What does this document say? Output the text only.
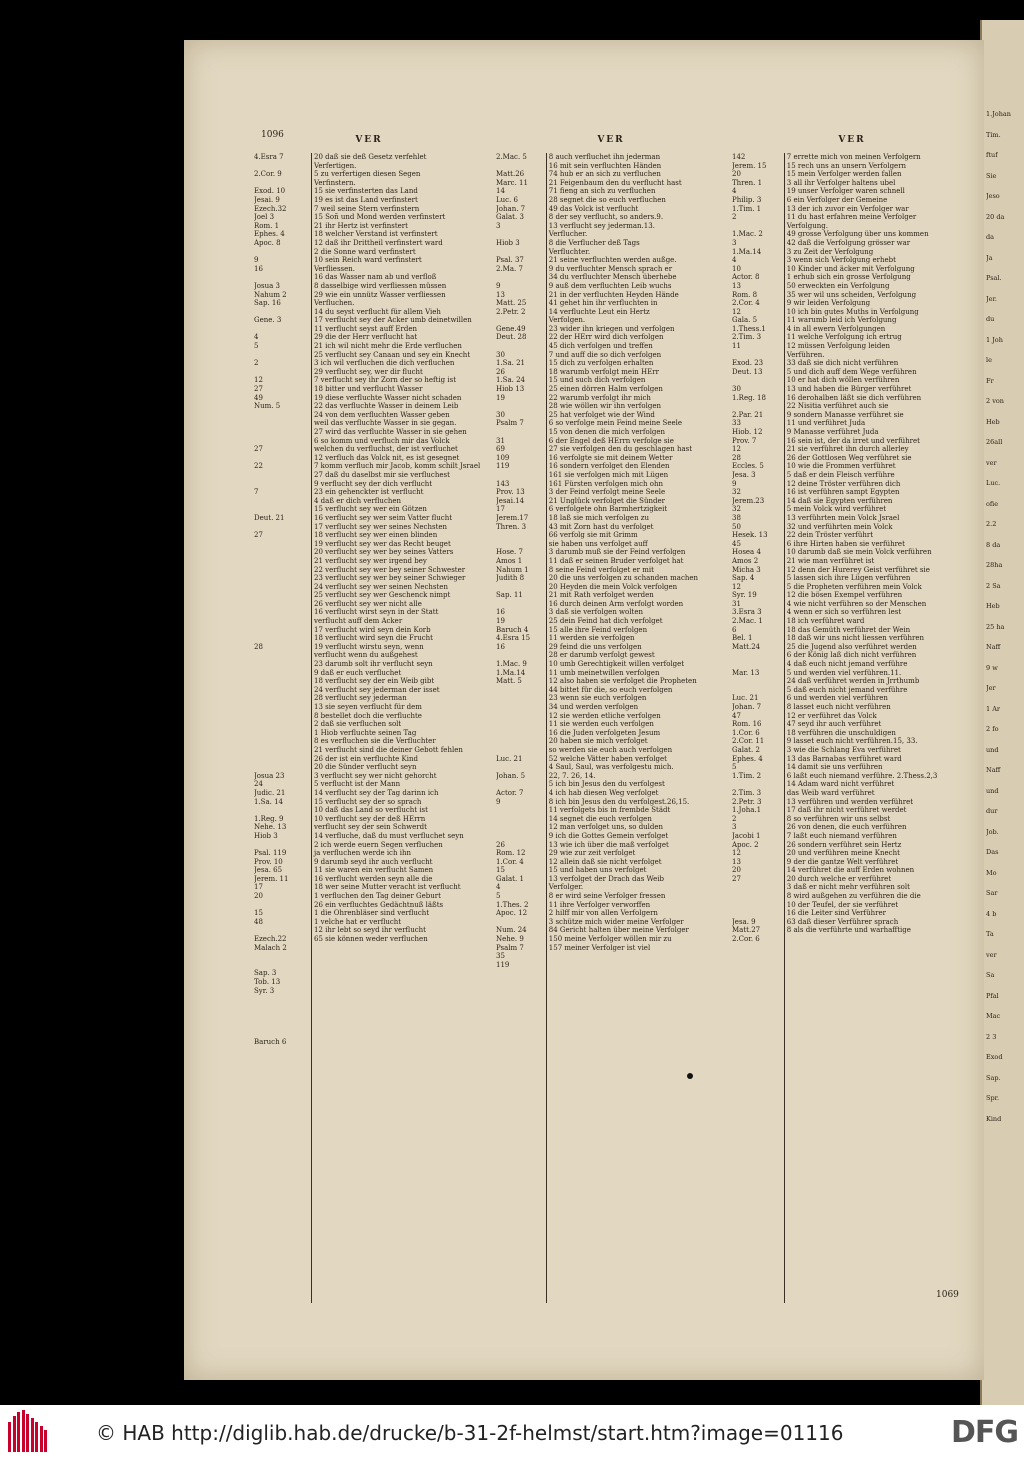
1.Johan
Tim.
ftuf
Sie
Jeso
20 da
da
Ja
Psal.
Jer.
du
1 Joh
le
Fr
2 von
Heb
26all
ver
Luc.
ofie
2.2
8 da
28ha
2 Sa
Heb
25 ha
Naff
9 w
Jer
1 Ar
2 fo
und
Naff
und
dur
Job.
Das
Mo
Sar
4 b
Ta
ver
Sa
Pfal
Mac
2 3
Exod
Sap.
Spr.
Kind
1096
1069
VER
4.Esra 7

2.Cor. 9

Exod. 10
Jesai. 9
Ezech.32
Joel 3
Rom. 1
Ephes. 4
Apoc. 8

9
16

Josua 3
Nahum 2
Sap. 16

Gene. 3

4
5

2

12
27
49
Num. 5

27

22

7

Deut. 21

27

28

Josua 23
24
Judic. 21
1.Sa. 14

1.Reg. 9
Nehe. 13
Hiob 3

Psal. 119
Prov. 10
Jesa. 65
Jerem. 11
17
20

15
48

Ezech.22
Malach 2

Sap. 3
Tob. 13
Syr. 3

Baruch 6
20 daß sie deß Gesetz verfehlet
Verfertigen.
5 zu verfertigen diesen Segen
Verfinstern.
15 sie verfinsterten das Land
19 es ist das Land verfinstert
7 weil seine Stern verfinstern
15 Soñ und Mond werden verfinstert
21 ihr Hertz ist verfinstert
18 welcher Verstand ist verfinstert
12 daß ihr Drittheil verfinstert ward
2 die Sonne ward verfinstert
10 sein Reich ward verfinstert
Verfliessen.
16 das Wasser nam ab und verfloß
8 dasselbige wird verfliessen müssen
29 wie ein unnütz Wasser verfliessen
Verfluchen.
14 du seyst verflucht für allem Vieh
17 verflucht sey der Acker umb deinetwillen
11 verflucht seyst auff Erden
29 die der Herr verflucht hat
21 ich wil nicht mehr die Erde verfluchen
25 verflucht sey Canaan und sey ein Knecht
3 ich wil verfluchen die dich verfluchen
29 verflucht sey, wer dir flucht
7 verflucht sey ihr Zorn der so heftig ist
18 bitter und verflucht Wasser
19 diese verfluchte Wasser nicht schaden
22 das verfluchte Wasser in deinem Leib
24 von dem verfluchten Wasser geben
weil das verfluchte Wasser in sie gegan.
27 wird das verfluchte Wasser in sie gehen
6 so komm und verfluch mir das Volck
welchen du verfluchst, der ist verfluchet
12 verfluch das Volck nit, es ist gesegnet
7 komm verfluch mir Jacob, komm schilt Jsrael
27 daß du daselbst mir sie verfluchest
9 verflucht sey der dich verflucht
23 ein gehenckter ist verflucht
4 daß er dich verfluchen
15 verflucht sey wer ein Götzen
16 verflucht sey wer seim Vatter flucht
17 verflucht sey wer seines Nechsten
18 verflucht sey wer einen blinden
19 verflucht sey wer das Recht beuget
20 verflucht sey wer bey seines Vatters
21 verflucht sey wer irgend bey
22 verflucht sey wer bey seiner Schwester
23 verflucht sey wer bey seiner Schwieger
24 verflucht sey wer seinen Nechsten
25 verflucht sey wer Geschenck nimpt
26 verflucht sey wer nicht alle
16 verflucht wirst seyn in der Statt
verflucht auff dem Acker
17 verflucht wird seyn dein Korb
18 verflucht wird seyn die Frucht
19 verflucht wirstu seyn, wenn
verflucht wenn du außgehest
23 darumb solt ihr verflucht seyn
9 daß er euch verfluchet
18 verflucht sey der ein Weib gibt
24 verflucht sey jederman der isset
28 verflucht sey jederman
13 sie seyen verflucht für dem
8 bestellet doch die verfluchte
2 daß sie verfluchen solt
1 Hiob verfluchte seinen Tag
8 es verfluchen sie die Verfluchter
21 verflucht sind die deiner Gebott fehlen
26 der ist ein verfluchte Kind
20 die Sünder verflucht seyn
3 verflucht sey wer nicht gehorcht
5 verflucht ist der Mann
14 verflucht sey der Tag darinn ich
15 verflucht sey der so sprach
10 daß das Land so verflucht ist
10 verflucht sey der deß HErrn
verflucht sey der sein Schwerdt
14 verfluche, daß du must verfluchet seyn
2 ich werde euern Segen verfluchen
ja verfluchen werde ich ihn
9 darumb seyd ihr auch verflucht
11 sie waren ein verflucht Samen
16 verflucht werden seyn alle die
18 wer seine Mutter veracht ist verflucht
1 verfluchen den Tag deiner Geburt
26 ein verfluchtes Gedächtnuß läßts
1 die Ohrenbläser sind verflucht
1 velche hat er verflucht
12 ihr lebt so seyd ihr verflucht
65 sie können weder verfluchen
VER
2.Mac. 5

Matt.26
Marc. 11
14
Luc. 6
Johan. 7
Galat. 3
3

Hiob 3

Psal. 37
2.Ma. 7

9
13
Matt. 25
2.Petr. 2

Gene.49
Deut. 28

30
1.Sa. 21
26
1.Sa. 24
Hiob 13
19

30
Psalm 7

31
69
109
119

143
Prov. 13
Jesai.14
17
Jerem.17
Thren. 3

Hose. 7
Amos 1
Nahum 1
Judith 8

Sap. 11

16
19
Baruch 4
4.Esra 15
16

1.Mac. 9
1.Ma.14
Matt. 5

Luc. 21

Johan. 5

Actor. 7
9

26
Rom. 12
1.Cor. 4
15
Galat. 1
4
5
1.Thes. 2
Apoc. 12

Num. 24
Nehe. 9
Psalm 7
35
119

8 auch verfluchet ihn jederman
16 mit sein verfluchten Händen
74 hub er an sich zu verfluchen
21 Feigenbaum den du verflucht hast
71 fieng an sich zu verfluchen
28 segnet die so euch verfluchen
49 das Volck ist verflucht
8 der sey verflucht, so anders.9.
13 verflucht sey jederman.13.
Verflucher.
8 die Verflucher deß Tags
Verfluchter.
21 seine verfluchten werden außge.
9 du verfluchter Mensch sprach er
34 du verfluchter Mensch überhebe
9 auß dem verfluchten Leib wuchs
21 in der verfluchten Heyden Hände
41 gehet hin ihr verfluchten in
14 verfluchte Leut ein Hertz
Verfolgen.
23 wider ihn kriegen und verfolgen
22 der HErr wird dich verfolgen
45 dich verfolgen und treffen
7 und auff die so dich verfolgen
15 dich zu verfolgen erhalten
18 warumb verfolgt mein HErr
15 und such dich verfolgen
25 einen dörren Halm verfolgen
22 warumb verfolgt ihr mich
28 wie wöllen wir ihn verfolgen
25 hat verfolget wie der Wind
6 so verfolge mein Feind meine Seele
15 von denen die mich verfolgen
6 der Engel deß HErrn verfolge sie
27 sie verfolgen den du geschlagen hast
16 verfolgte sie mit deinem Wetter
16 sondern verfolget den Elenden
161 sie verfolgen mich mit Lügen
161 Fürsten verfolgen mich ohn
3 der Feind verfolgt meine Seele
21 Unglück verfolget die Sünder
6 verfolgete ohn Barmhertzigkeit
18 laß sie mich verfolgen zu
43 mit Zorn hast du verfolget
66 verfolg sie mit Grimm
sie haben uns verfolget auff
3 darumb muß sie der Feind verfolgen
11 daß er seinen Bruder verfolget hat
8 seine Feind verfolget er mit
20 die uns verfolgen zu schanden machen
20 Heyden die mein Volck verfolgen
21 mit Rath verfolget werden
16 durch deinen Arm verfolgt worden
3 daß sie verfolgen wolten
25 dein Feind hat dich verfolget
15 alle ihre Feind verfolgen
11 werden sie verfolgen
29 feind die uns verfolgen
28 er darumb verfolgt gewest
10 umb Gerechtigkeit willen verfolget
11 umb meinetwillen verfolgen
12 also haben sie verfolget die Propheten
44 bittet für die, so euch verfolgen
23 wenn sie euch verfolgen
34 und werden verfolgen
12 sie werden etliche verfolgen
11 sie werden euch verfolgen
16 die Juden verfolgeten Jesum
20 haben sie mich verfolget
so werden sie euch auch verfolgen
52 welche Vätter haben verfolget
4 Saul, Saul, was verfolgestu mich.
22, 7. 26, 14.
5 ich bin Jesus den du verfolgest
4 ich hab diesen Weg verfolget
8 ich bin Jesus den du verfolgest.26,15.
11 verfolgets bis in frembde Städt
14 segnet die euch verfolgen
12 man verfolget uns, so dulden
9 ich die Gottes Gemein verfolget
13 wie ich über die maß verfolget
29 wie zur zeit verfolget
12 allein daß sie nicht verfolget
15 und haben uns verfolget
13 verfolget der Drach das Weib
Verfolger.
8 er wird seine Verfolger fressen
11 ihre Verfolger verworffen
2 hilff mir von allen Verfolgern
3 schütze mich wider meine Verfolger
84 Gericht halten über meine Verfolger
150 meine Verfolger wöllen mir zu
157 meiner Verfolger ist viel
VER
142
Jerem. 15
20
Thren. 1
4
Philip. 3
1.Tim. 1
2

1.Mac. 2
3
1.Ma.14
4
10
Actor. 8
13
Rom. 8
2.Cor. 4
12
Gala. 5
1.Thess.1
2.Tim. 3
11

Exod. 23
Deut. 13

30
1.Reg. 18

2.Par. 21
33
Hiob. 12
Prov. 7
12
28
Eccles. 5
Jesa. 3
9
32
Jerem.23
32
38
50
Hesek. 13
45
Hosea 4
Amos 2
Micha 3
Sap. 4
12
Syr. 19
31
3.Esra 3
2.Mac. 1
6
Bel. 1
Matt.24

Mar. 13

Luc. 21
Johan. 7
47
Rom. 16
1.Cor. 6
2.Cor. 11
Galat. 2
Ephes. 4
5
1.Tim. 2

2.Tim. 3
2.Petr. 3
1.Joha.1
2
3
Jacobi 1
Apoc. 2
12
13
20
27

Jesa. 9
Matt.27
2.Cor. 6
7 errette mich von meinen Verfolgern
15 rech uns an unsern Verfolgern
15 mein Verfolger werden fallen
3 all ihr Verfolger haltens ubel
19 unser Verfolger waren schnell
6 ein Verfolger der Gemeine
13 der ich zuvor ein Verfolger war
11 du hast erfahren meine Verfolger
Verfolgung.
49 grosse Verfolgung über uns kommen
42 daß die Verfolgung grösser war
3 zu Zeit der Verfolgung
3 wenn sich Verfolgung erhebt
10 Kinder und äcker mit Verfolgung
1 erhub sich ein grosse Verfolgung
50 erweckten ein Verfolgung
35 wer wil uns scheiden, Verfolgung
9 wir leiden Verfolgung
10 ich bin gutes Muths in Verfolgung
11 warumb leid ich Verfolgung
4 in all ewern Verfolgungen
11 welche Verfolgung ich ertrug
12 müssen Verfolgung leiden
Verführen.
33 daß sie dich nicht verführen
5 und dich auff dem Wege verführen
10 er hat dich wöllen verführen
13 und haben die Bürger verführet
16 derohalben läßt sie dich verführen
22 Nisitia verführet auch sie
9 sondern Manasse verführet sie
11 und verführet Juda
9 Manasse verführet Juda
16 sein ist, der da irret und verführet
21 sie verführet ihn durch allerley
26 der Gottlosen Weg verführet sie
10 wie die Frommen verführet
5 daß er dein Fleisch verführe
12 deine Tröster verführen dich
16 ist verführen sampt Egypten
14 daß sie Egypten verführen
5 mein Volck wird verführet
13 verführten mein Volck Jsrael
32 und verführten mein Volck
22 dein Tröster verführt
6 ihre Hirten haben sie verführet
10 darumb daß sie mein Volck verführen
21 wie man verführet ist
12 denn der Hurerey Geist verführet sie
5 lassen sich ihre Lügen verführen
5 die Propheten verführen mein Volck
12 die bösen Exempel verführen
4 wie nicht verführen so der Menschen
4 wenn er sich so verführen lest
18 ich verführet ward
18 das Gemüth verführet der Wein
18 daß wir uns nicht liessen verführen
25 die Jugend also verführet werden
6 der König laß dich nicht verführen
4 daß euch nicht jemand verführe
5 und werden viel verführen.11.
24 daß verführet werden in Jrrthumb
5 daß euch nicht jemand verführe
6 und werden viel verführen
8 lasset euch nicht verführen
12 er verführet das Volck
47 seyd ihr auch verführet
18 verführen die unschuldigen
9 lasset euch nicht verführen.15, 33.
3 wie die Schlang Eva verführet
13 das Barnabas verführet ward
14 damit sie uns verführen
6 laßt euch niemand verführe. 2.Thess.2,3
14 Adam ward nicht verführet
das Weib ward verführet
13 verführen und werden verführet
17 daß ihr nicht verführet werdet
8 so verführen wir uns selbst
26 von denen, die euch verführen
7 laßt euch niemand verführen
26 sondern verführet sein Hertz
20 und verführen meine Knecht
9 der die gantze Welt verführet
14 verführet die auff Erden wohnen
20 durch welche er verführet
3 daß er nicht mehr verführen solt
8 wird außgehen zu verführen die die
10 der Teufel, der sie verführet
16 die Leiter sind Verführer
63 daß dieser Verführer sprach
8 als die verführte und warhafftige
© HAB http://diglib.hab.de/drucke/b-31-2f-helmst/start.htm?image=01116	DFG
